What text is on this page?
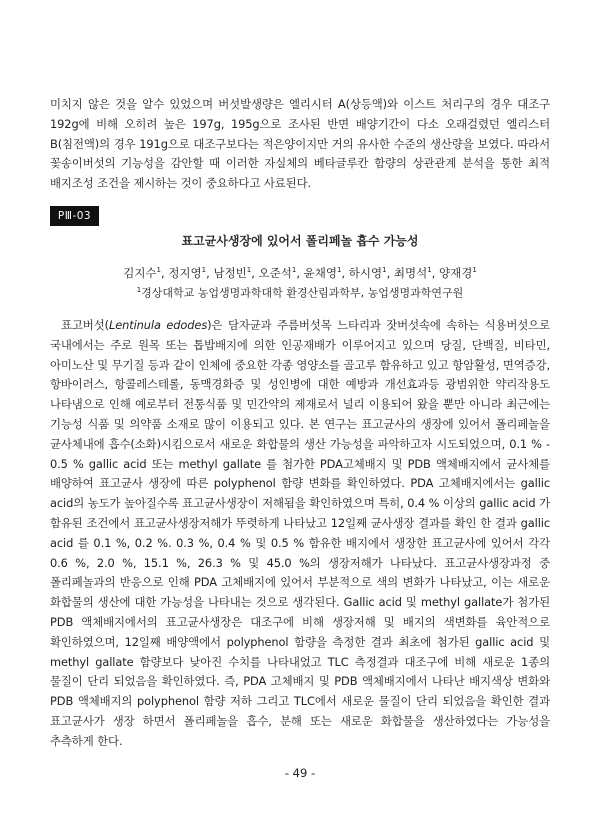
미치지 않은 것을 알수 있었으며 버섯발생량은 엘리시터 A(상등액)와 이스트 처리구의 경우 대조구 192g에 비해 오히려 높은 197g, 195g으로 조사된 반면 배양기간이 다소 오래걸렸던 엘리스터 B(침전액)의 경우 191g으로 대조구보다는 적은양이지만 거의 유사한 수준의 생산량을 보였다. 따라서 꽃송이버섯의 기능성을 감안할 때 이러한 자실체의 베타글루칸 함량의 상관관계 분석을 통한 최적 배지조성 조건을 제시하는 것이 중요하다고 사료된다.

PⅢ-03
표고균사생장에 있어서 폴리페놀 흡수 가능성
김지수$^1$, 정지영$^1$, 남정빈$^1$, 오준석$^1$, 윤채영$^1$, 하시영$^1$, 최명석$^1$, 양재경$^1$
$^1$경상대학교 농업생명과학대학 환경산림과학부, 농업생명과학연구원

표고버섯(Lentinula edodes)은 담자균과 주름버섯목 느타리과 잣버섯속에 속하는 식용버섯으로 국내에서는 주로 원목 또는 톱밥배지에 의한 인공재배가 이루어지고 있으며 당질, 단백질, 비타민, 아미노산 및 무기질 등과 같이 인체에 중요한 각종 영양소를 골고루 함유하고 있고 항암활성, 면역증강, 항바이러스, 항콜레스테롤, 동맥경화증 및 성인병에 대한 예방과 개선효과등 광범위한 약리작용도 나타냄으로 인해 예로부터 전통식품 및 민간약의 제재로서 널리 이용되어 왔을 뿐만 아니라 최근에는 기능성 식품 및 의약품 소재로 많이 이용되고 있다. 본 연구는 표고균사의 생장에 있어서 폴리페놀을 균사체내에 흡수(소화)시킴으로서 새로운 화합물의 생산 가능성을 파악하고자 시도되었으며, 0.1 % - 0.5 % gallic acid 또는 methyl gallate 를 첨가한 PDA고체배지 및 PDB 액체배지에서 균사체를 배양하여 표고균사 생장에 따른 polyphenol 함량 변화를 확인하였다. PDA 고체배지에서는 gallic acid의 농도가 높아질수록 표고균사생장이 저해됨을 확인하였으며 특히, 0.4 % 이상의 gallic acid 가 함유된 조건에서 표고균사생장저해가 뚜렷하게 나타났고 12일째 균사생장 결과를 확인 한 결과 gallic acid 를 0.1 %, 0.2 %. 0.3 %, 0.4 % 및 0.5 % 함유한 배지에서 생장한 표고균사에 있어서 각각 0.6 %, 2.0 %, 15.1 %, 26.3 % 및 45.0 %의 생장저해가 나타났다. 표고균사생장과정 중 폴리페놀과의 반응으로 인해 PDA 고체배지에 있어서 부분적으로 색의 변화가 나타났고, 이는 새로운 화합물의 생산에 대한 가능성을 나타내는 것으로 생각된다. Gallic acid 및 methyl gallate가 첨가된 PDB 액체배지에서의 표고균사생장은 대조구에 비해 생장저해 및 배지의 색변화를 육안적으로 확인하였으며, 12일째 배양액에서 polyphenol 함량을 측정한 결과 최초에 첨가된 gallic acid 및 methyl gallate 함량보다 낮아진 수치를 나타내었고 TLC 측정결과 대조구에 비해 새로운 1종의 물질이 단리 되었음을 확인하였다. 즉, PDA 고체배지 및 PDB 액체배지에서 나타난 배지색상 변화와 PDB 액체배지의 polyphenol 함량 저하 그리고 TLC에서 새로운 물질이 단리 되었음을 확인한 결과 표고균사가 생장 하면서 폴리페놀을 흡수, 분해 또는 새로운 화합물을 생산하였다는 가능성을 추측하게 한다.

- 49 -
